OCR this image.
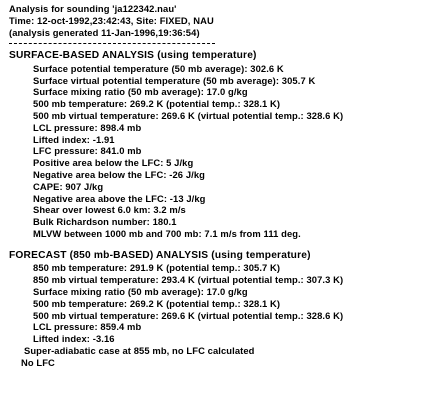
Analysis for sounding 'ja122342.nau'
Time: 12-oct-1992,23:42:43, Site: FIXED, NAU
(analysis generated 11-Jan-1996,19:36:54)
SURFACE-BASED ANALYSIS (using temperature)
Surface potential temperature (50 mb average): 302.6 K
Surface virtual potential temperature (50 mb average): 305.7 K
Surface mixing ratio (50 mb average): 17.0 g/kg
500 mb temperature: 269.2 K (potential temp.: 328.1 K)
500 mb virtual temperature: 269.6 K (virtual potential temp.: 328.6 K)
LCL pressure: 898.4 mb
Lifted index: -1.91
LFC pressure: 841.0 mb
Positive area below the LFC: 5 J/kg
Negative area below the LFC: -26 J/kg
CAPE: 907 J/kg
Negative area above the LFC: -13 J/kg
Shear over lowest 6.0 km: 3.2 m/s
Bulk Richardson number: 180.1
MLVW between 1000 mb and 700 mb: 7.1 m/s from 111 deg.
FORECAST (850 mb-BASED) ANALYSIS (using temperature)
850 mb temperature: 291.9 K (potential temp.: 305.7 K)
850 mb virtual temperature: 293.4 K (virtual potential temp.: 307.3 K)
Surface mixing ratio (50 mb average): 17.0 g/kg
500 mb temperature: 269.2 K (potential temp.: 328.1 K)
500 mb virtual temperature: 269.6 K (virtual potential temp.: 328.6 K)
LCL pressure: 859.4 mb
Lifted index: -3.16
Super-adiabatic case at 855 mb, no LFC calculated
No LFC
